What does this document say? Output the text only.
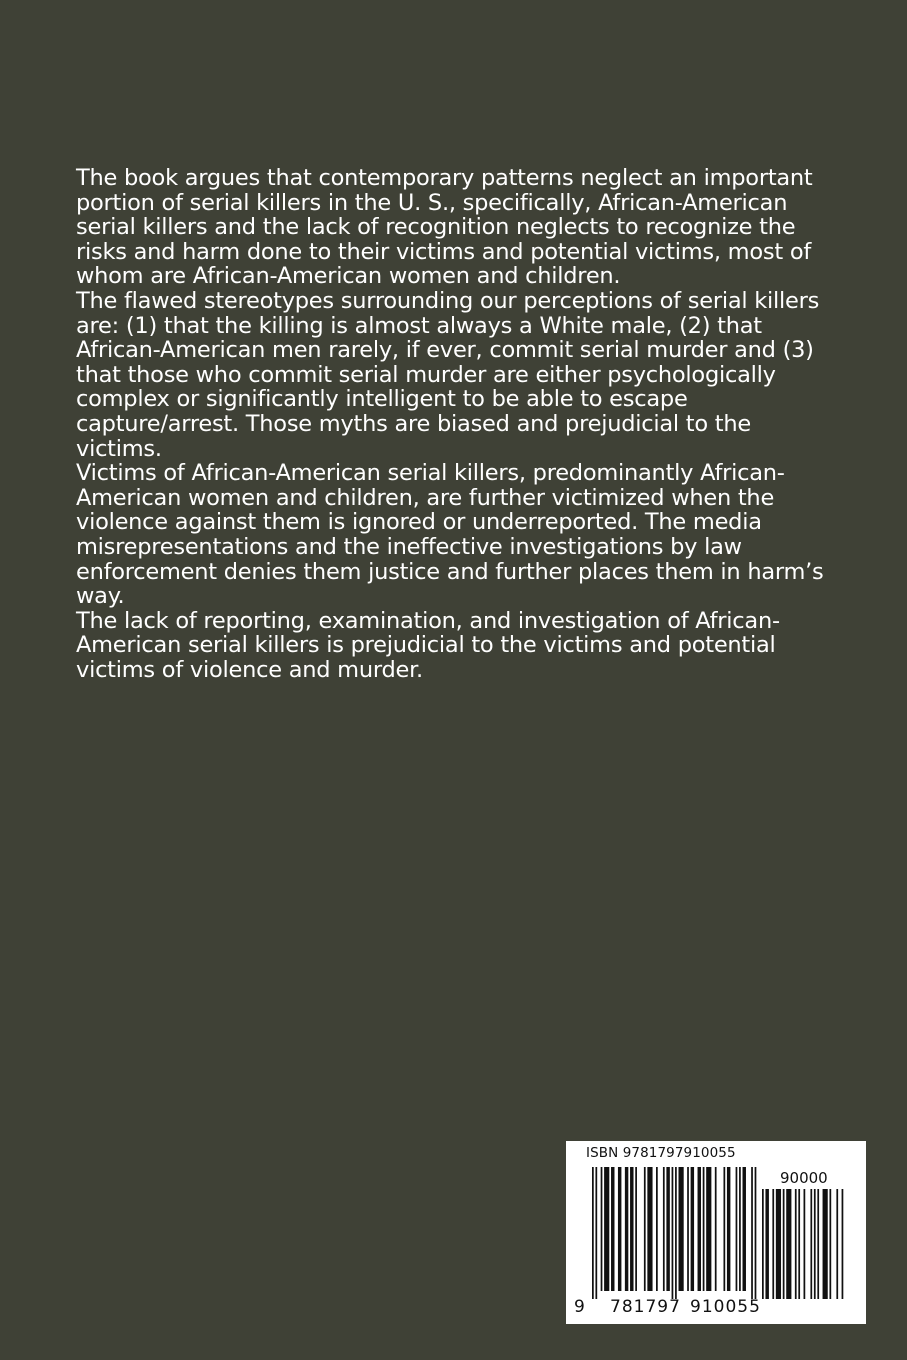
The book argues that contemporary patterns neglect an important portion of serial killers in the U. S., specifically, African-American serial killers and the lack of recognition neglects to recognize the risks and harm done to their victims and potential victims, most of whom are African-American women and children.

The flawed stereotypes surrounding our perceptions of serial killers are: (1) that the killing is almost always a White male, (2) that African-American men rarely, if ever, commit serial murder and (3) that those who commit serial murder are either psychologically complex or significantly intelligent to be able to escape capture/arrest. Those myths are biased and prejudicial to the victims.

Victims of African-American serial killers, predominantly African-American women and children, are further victimized when the violence against them is ignored or underreported. The media misrepresentations and the ineffective investigations by law enforcement denies them justice and further places them in harm’s way.

The lack of reporting, examination, and investigation of African-American serial killers is prejudicial to the victims and potential victims of violence and murder.

ISBN 9781797910055
90000
9 781797 910055
